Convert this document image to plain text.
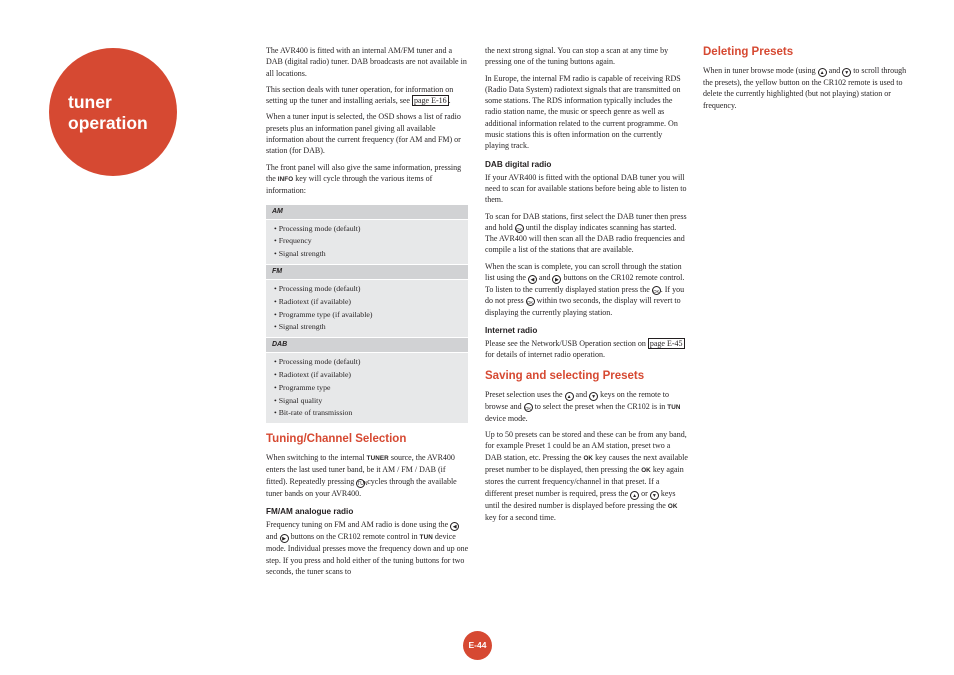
tuner
operation

The AVR400 is fitted with an internal AM/FM tuner and a DAB (digital radio) tuner. DAB broadcasts are not available in all locations.

This section deals with tuner operation, for information on setting up the tuner and installing aerials, see page E-16 .

When a tuner input is selected, the OSD shows a list of radio presets plus an information panel giving all available information about the current frequency (for AM and FM) or station (for DAB).

The front panel will also give the same information, pressing the INFO key will cycle through the various items of information:

AM
• Processing mode (default)
• Frequency
• Signal strength
FM
• Processing mode (default)
• Radiotext (if available)
• Programme type (if available)
• Signal strength
DAB
• Processing mode (default)
• Radiotext (if available)
• Programme type
• Signal quality
• Bit-rate of transmission
Tuning/Channel Selection

When switching to the internal TUNER source, the AVR400 enters the last used tuner band, be it AM / FM / DAB (if fitted). Repeatedly pressing TUN cycles through the available tuner bands on your AVR400.

FM/AM analogue radio

Frequency tuning on FM and AM radio is done using the ◀ and ▶ buttons on the CR102 remote control in TUN device mode. Individual presses move the frequency down and up one step. If you press and hold either of the tuning buttons for two seconds, the tuner scans to

the next strong signal. You can stop a scan at any time by pressing one of the tuning buttons again.

In Europe, the internal FM radio is capable of receiving RDS (Radio Data System) radiotext signals that are transmitted on some stations. The RDS information typically includes the radio station name, the music or speech genre as well as additional information related to the current programme. On music stations this is often information on the currently playing track.

DAB digital radio

If your AVR400 is fitted with the optional DAB tuner you will need to scan for available stations before being able to listen to them.

To scan for DAB stations, first select the DAB tuner then press and hold OK until the display indicates scanning has started. The AVR400 will then scan all the DAB radio frequencies and compile a list of the stations that are available.

When the scan is complete, you can scroll through the station list using the ◀ and ▶ buttons on the CR102 remote control. To listen to the currently displayed station press the OK. If you do not press OK within two seconds, the display will revert to displaying the currently playing station.

Internet radio

Please see the Network/USB Operation section on page E-45 for details of internet radio operation.

Saving and selecting Presets

Preset selection uses the ▲ and ▼ keys on the remote to browse and OK to select the preset when the CR102 is in TUN device mode.

Up to 50 presets can be stored and these can be from any band, for example Preset 1 could be an AM station, preset two a DAB station, etc. Pressing the OK key causes the next available preset number to be displayed, then pressing the OK key again stores the current frequency/channel in that preset. If a different preset number is required, press the ▲ or ▼ keys until the desired number is displayed before pressing the OK key for a second time.

Deleting Presets

When in tuner browse mode (using ▲ and ▼ to scroll through the presets), the yellow button on the CR102 remote is used to delete the currently highlighted (but not playing) station or frequency.

E-44
